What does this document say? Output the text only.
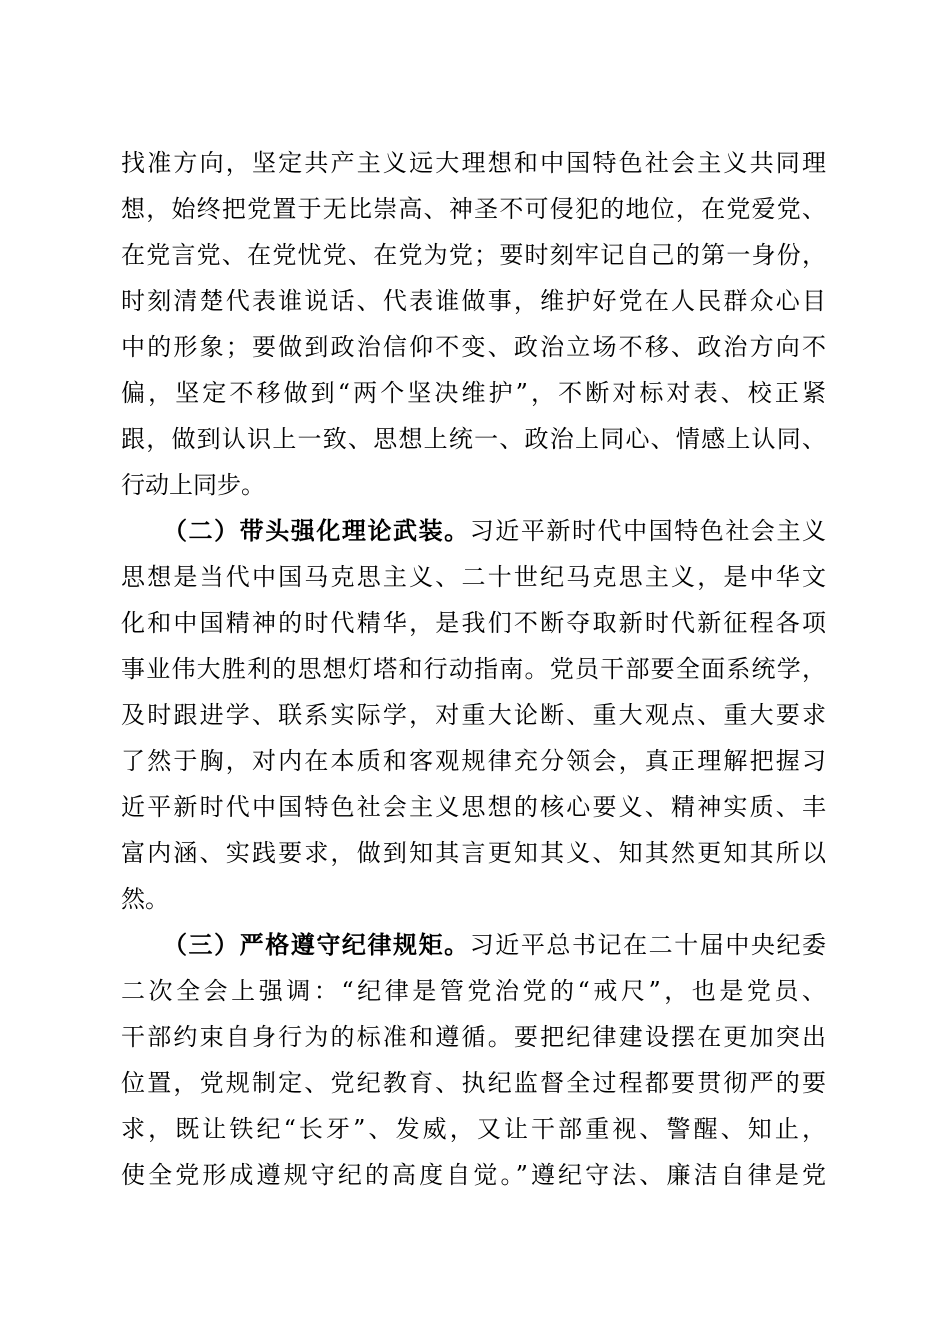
找准方向，坚定共产主义远大理想和中国特色社会主义共同理
想，始终把党置于无比崇高、神圣不可侵犯的地位，在党爱党、
在党言党、在党忧党、在党为党；要时刻牢记自己的第一身份，
时刻清楚代表谁说话、代表谁做事，维护好党在人民群众心目
中的形象；要做到政治信仰不变、政治立场不移、政治方向不
偏，坚定不移做到“两个坚决维护”，不断对标对表、校正紧
跟，做到认识上一致、思想上统一、政治上同心、情感上认同、
行动上同步。
（二）带头强化理论武装。习近平新时代中国特色社会主义
思想是当代中国马克思主义、二十世纪马克思主义，是中华文
化和中国精神的时代精华，是我们不断夺取新时代新征程各项
事业伟大胜利的思想灯塔和行动指南。党员干部要全面系统学，
及时跟进学、联系实际学，对重大论断、重大观点、重大要求
了然于胸，对内在本质和客观规律充分领会，真正理解把握习
近平新时代中国特色社会主义思想的核心要义、精神实质、丰
富内涵、实践要求，做到知其言更知其义、知其然更知其所以
然。
（三）严格遵守纪律规矩。习近平总书记在二十届中央纪委
二次全会上强调：“纪律是管党治党的“戒尺”，也是党员、
干部约束自身行为的标准和遵循。要把纪律建设摆在更加突出
位置，党规制定、党纪教育、执纪监督全过程都要贯彻严的要
求，既让铁纪“长牙”、发威，又让干部重视、警醒、知止，
使全党形成遵规守纪的高度自觉。”遵纪守法、廉洁自律是党
